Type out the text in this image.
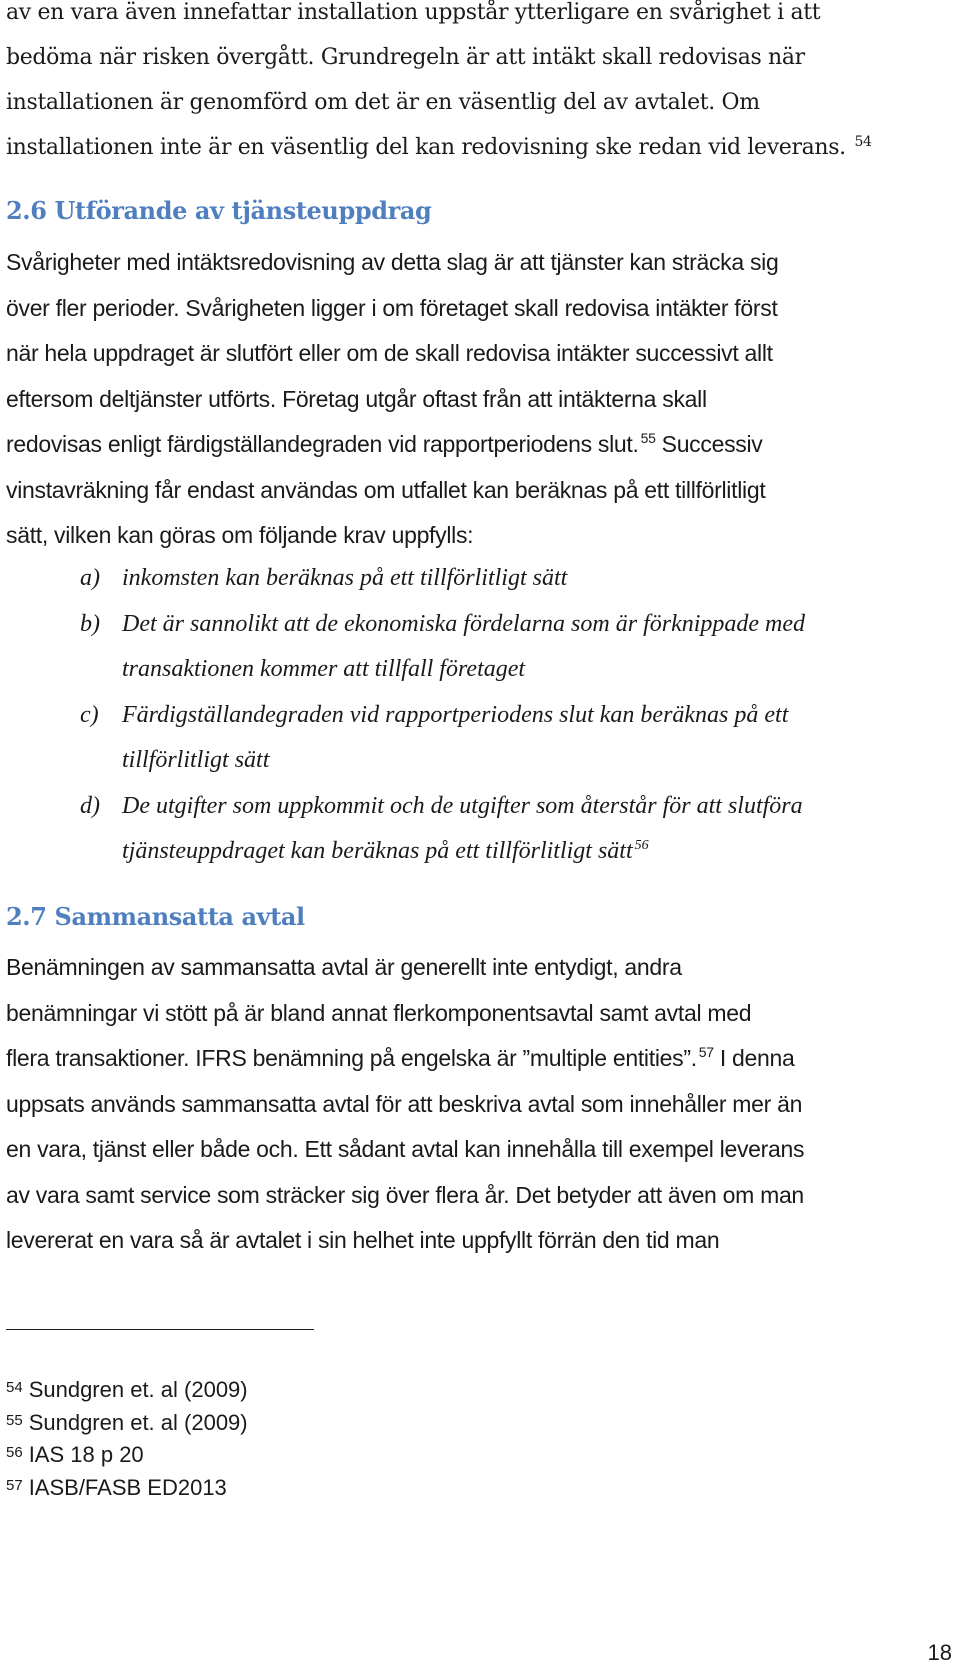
av en vara även innefattar installation uppstår ytterligare en svårighet i att
bedöma när risken övergått. Grundregeln är att intäkt skall redovisas när
installationen är genomförd om det är en väsentlig del av avtalet. Om
installationen inte är en väsentlig del kan redovisning ske redan vid leverans. $^{54}$

2.6 Utförande av tjänsteuppdrag

Svårigheter med intäktsredovisning av detta slag är att tjänster kan sträcka sig
över fler perioder. Svårigheten ligger i om företaget skall redovisa intäkter först
när hela uppdraget är slutfört eller om de skall redovisa intäkter successivt allt
eftersom deltjänster utförts. Företag utgår oftast från att intäkterna skall
redovisas enligt färdigställandegraden vid rapportperiodens slut. $^{55}$ Successiv
vinstavräkning får endast användas om utfallet kan beräknas på ett tillförlitligt
sätt, vilken kan göras om följande krav uppfylls:

a) inkomsten kan beräknas på ett tillförlitligt sätt
b) Det är sannolikt att de ekonomiska fördelarna som är förknippade med
transaktionen kommer att tillfall företaget
c) Färdigställandegraden vid rapportperiodens slut kan beräknas på ett
tillförlitligt sätt
d) De utgifter som uppkommit och de utgifter som återstår för att slutföra
tjänsteuppdraget kan beräknas på ett tillförlitligt sätt $^{56}$
2.7 Sammansatta avtal

Benämningen av sammansatta avtal är generellt inte entydigt, andra
benämningar vi stött på är bland annat flerkomponentsavtal samt avtal med
flera transaktioner. IFRS benämning på engelska är ”multiple entities”. $^{57}$ I denna
uppsats används sammansatta avtal för att beskriva avtal som innehåller mer än
en vara, tjänst eller både och. Ett sådant avtal kan innehålla till exempel leverans
av vara samt service som sträcker sig över flera år. Det betyder att även om man
levererat en vara så är avtalet i sin helhet inte uppfyllt förrän den tid man

$^{54}$ Sundgren et. al (2009)
$^{55}$ Sundgren et. al (2009)
$^{56}$ IAS 18 p 20
$^{57}$ IASB/FASB ED2013
18
